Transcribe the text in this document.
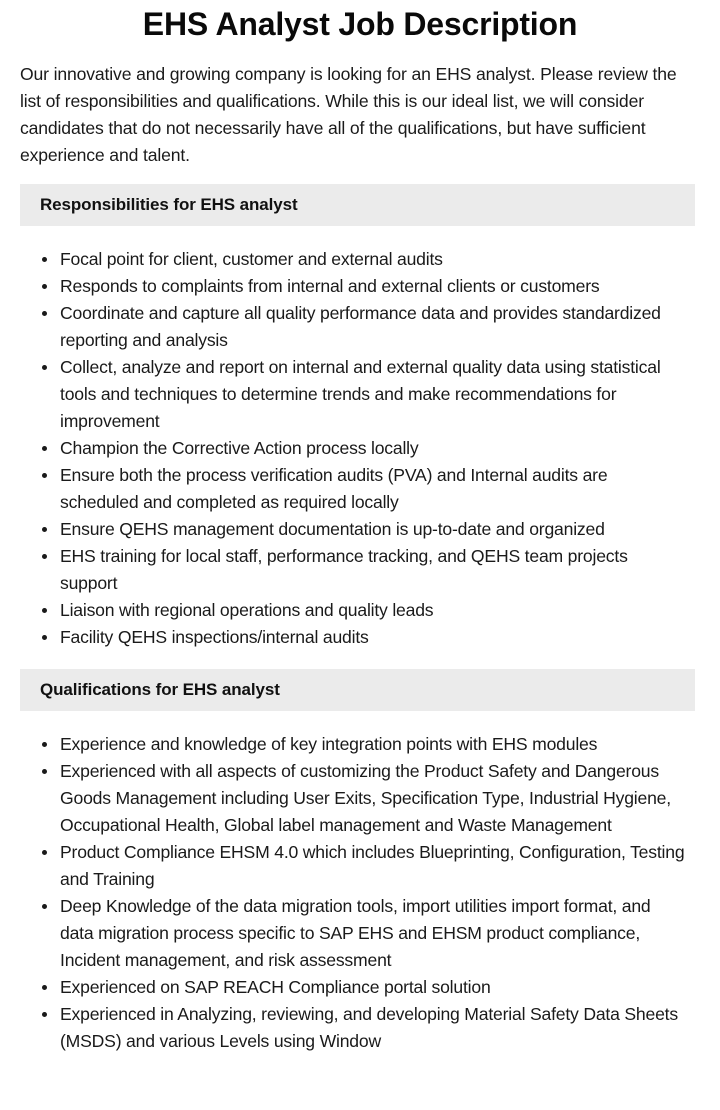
EHS Analyst Job Description

Our innovative and growing company is looking for an EHS analyst. Please review the list of responsibilities and qualifications. While this is our ideal list, we will consider candidates that do not necessarily have all of the qualifications, but have sufficient experience and talent.

Responsibilities for EHS analyst
Focal point for client, customer and external audits
Responds to complaints from internal and external clients or customers
Coordinate and capture all quality performance data and provides standardized reporting and analysis
Collect, analyze and report on internal and external quality data using statistical tools and techniques to determine trends and make recommendations for improvement
Champion the Corrective Action process locally
Ensure both the process verification audits (PVA) and Internal audits are scheduled and completed as required locally
Ensure QEHS management documentation is up-to-date and organized
EHS training for local staff, performance tracking, and QEHS team projects support
Liaison with regional operations and quality leads
Facility QEHS inspections/internal audits
Qualifications for EHS analyst
Experience and knowledge of key integration points with EHS modules
Experienced with all aspects of customizing the Product Safety and Dangerous Goods Management including User Exits, Specification Type, Industrial Hygiene, Occupational Health, Global label management and Waste Management
Product Compliance EHSM 4.0 which includes Blueprinting, Configuration, Testing and Training
Deep Knowledge of the data migration tools, import utilities import format, and data migration process specific to SAP EHS and EHSM product compliance, Incident management, and risk assessment
Experienced on SAP REACH Compliance portal solution
Experienced in Analyzing, reviewing, and developing Material Safety Data Sheets (MSDS) and various Levels using Window
